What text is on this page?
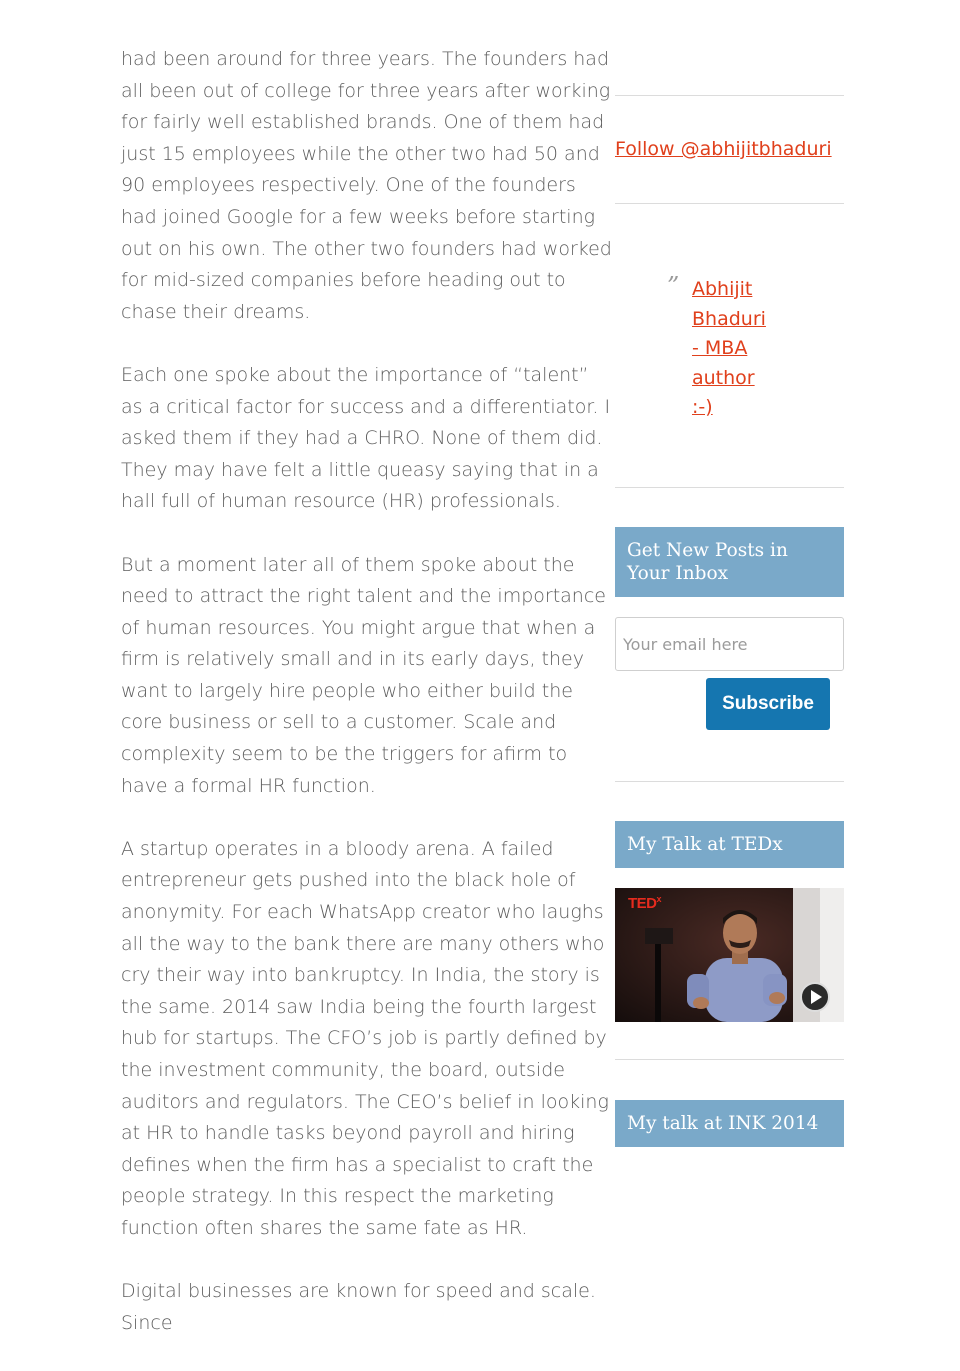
had been around for three years. The founders had all been out of college for three years after working for fairly well established brands. One of them had just 15 employees while the other two had 50 and 90 employees respectively. One of the founders had joined Google for a few weeks before starting out on his own. The other two founders had worked for mid-sized companies before heading out to chase their dreams.

Each one spoke about the importance of “talent” as a critical factor for success and a differentiator. I asked them if they had a CHRO. None of them did. They may have felt a little queasy saying that in a hall full of human resource (HR) professionals.

But a moment later all of them spoke about the need to attract the right talent and the importance of human resources. You might argue that when a firm is relatively small and in its early days, they want to largely hire people who either build the core business or sell to a customer. Scale and complexity seem to be the triggers for afirm to have a formal HR function.

A startup operates in a bloody arena. A failed entrepreneur gets pushed into the black hole of anonymity. For each WhatsApp creator who laughs all the way to the bank there are many others who cry their way into bankruptcy. In India, the story is the same. 2014 saw India being the fourth largest hub for startups. The CFO’s job is partly defined by the investment community, the board, outside auditors and regulators. The CEO’s belief in looking at HR to handle tasks beyond payroll and hiring defines when the firm has a specialist to craft the people strategy. In this respect the marketing function often shares the same fate as HR.

Digital businesses are known for speed and scale. Since

Follow @abhijitbhaduri
” Abhijit
Bhaduri
- MBA
author
:-)
Get New Posts in Your Inbox
Your email here
Subscribe
My Talk at TEDx
TED$^x$
My talk at INK 2014
